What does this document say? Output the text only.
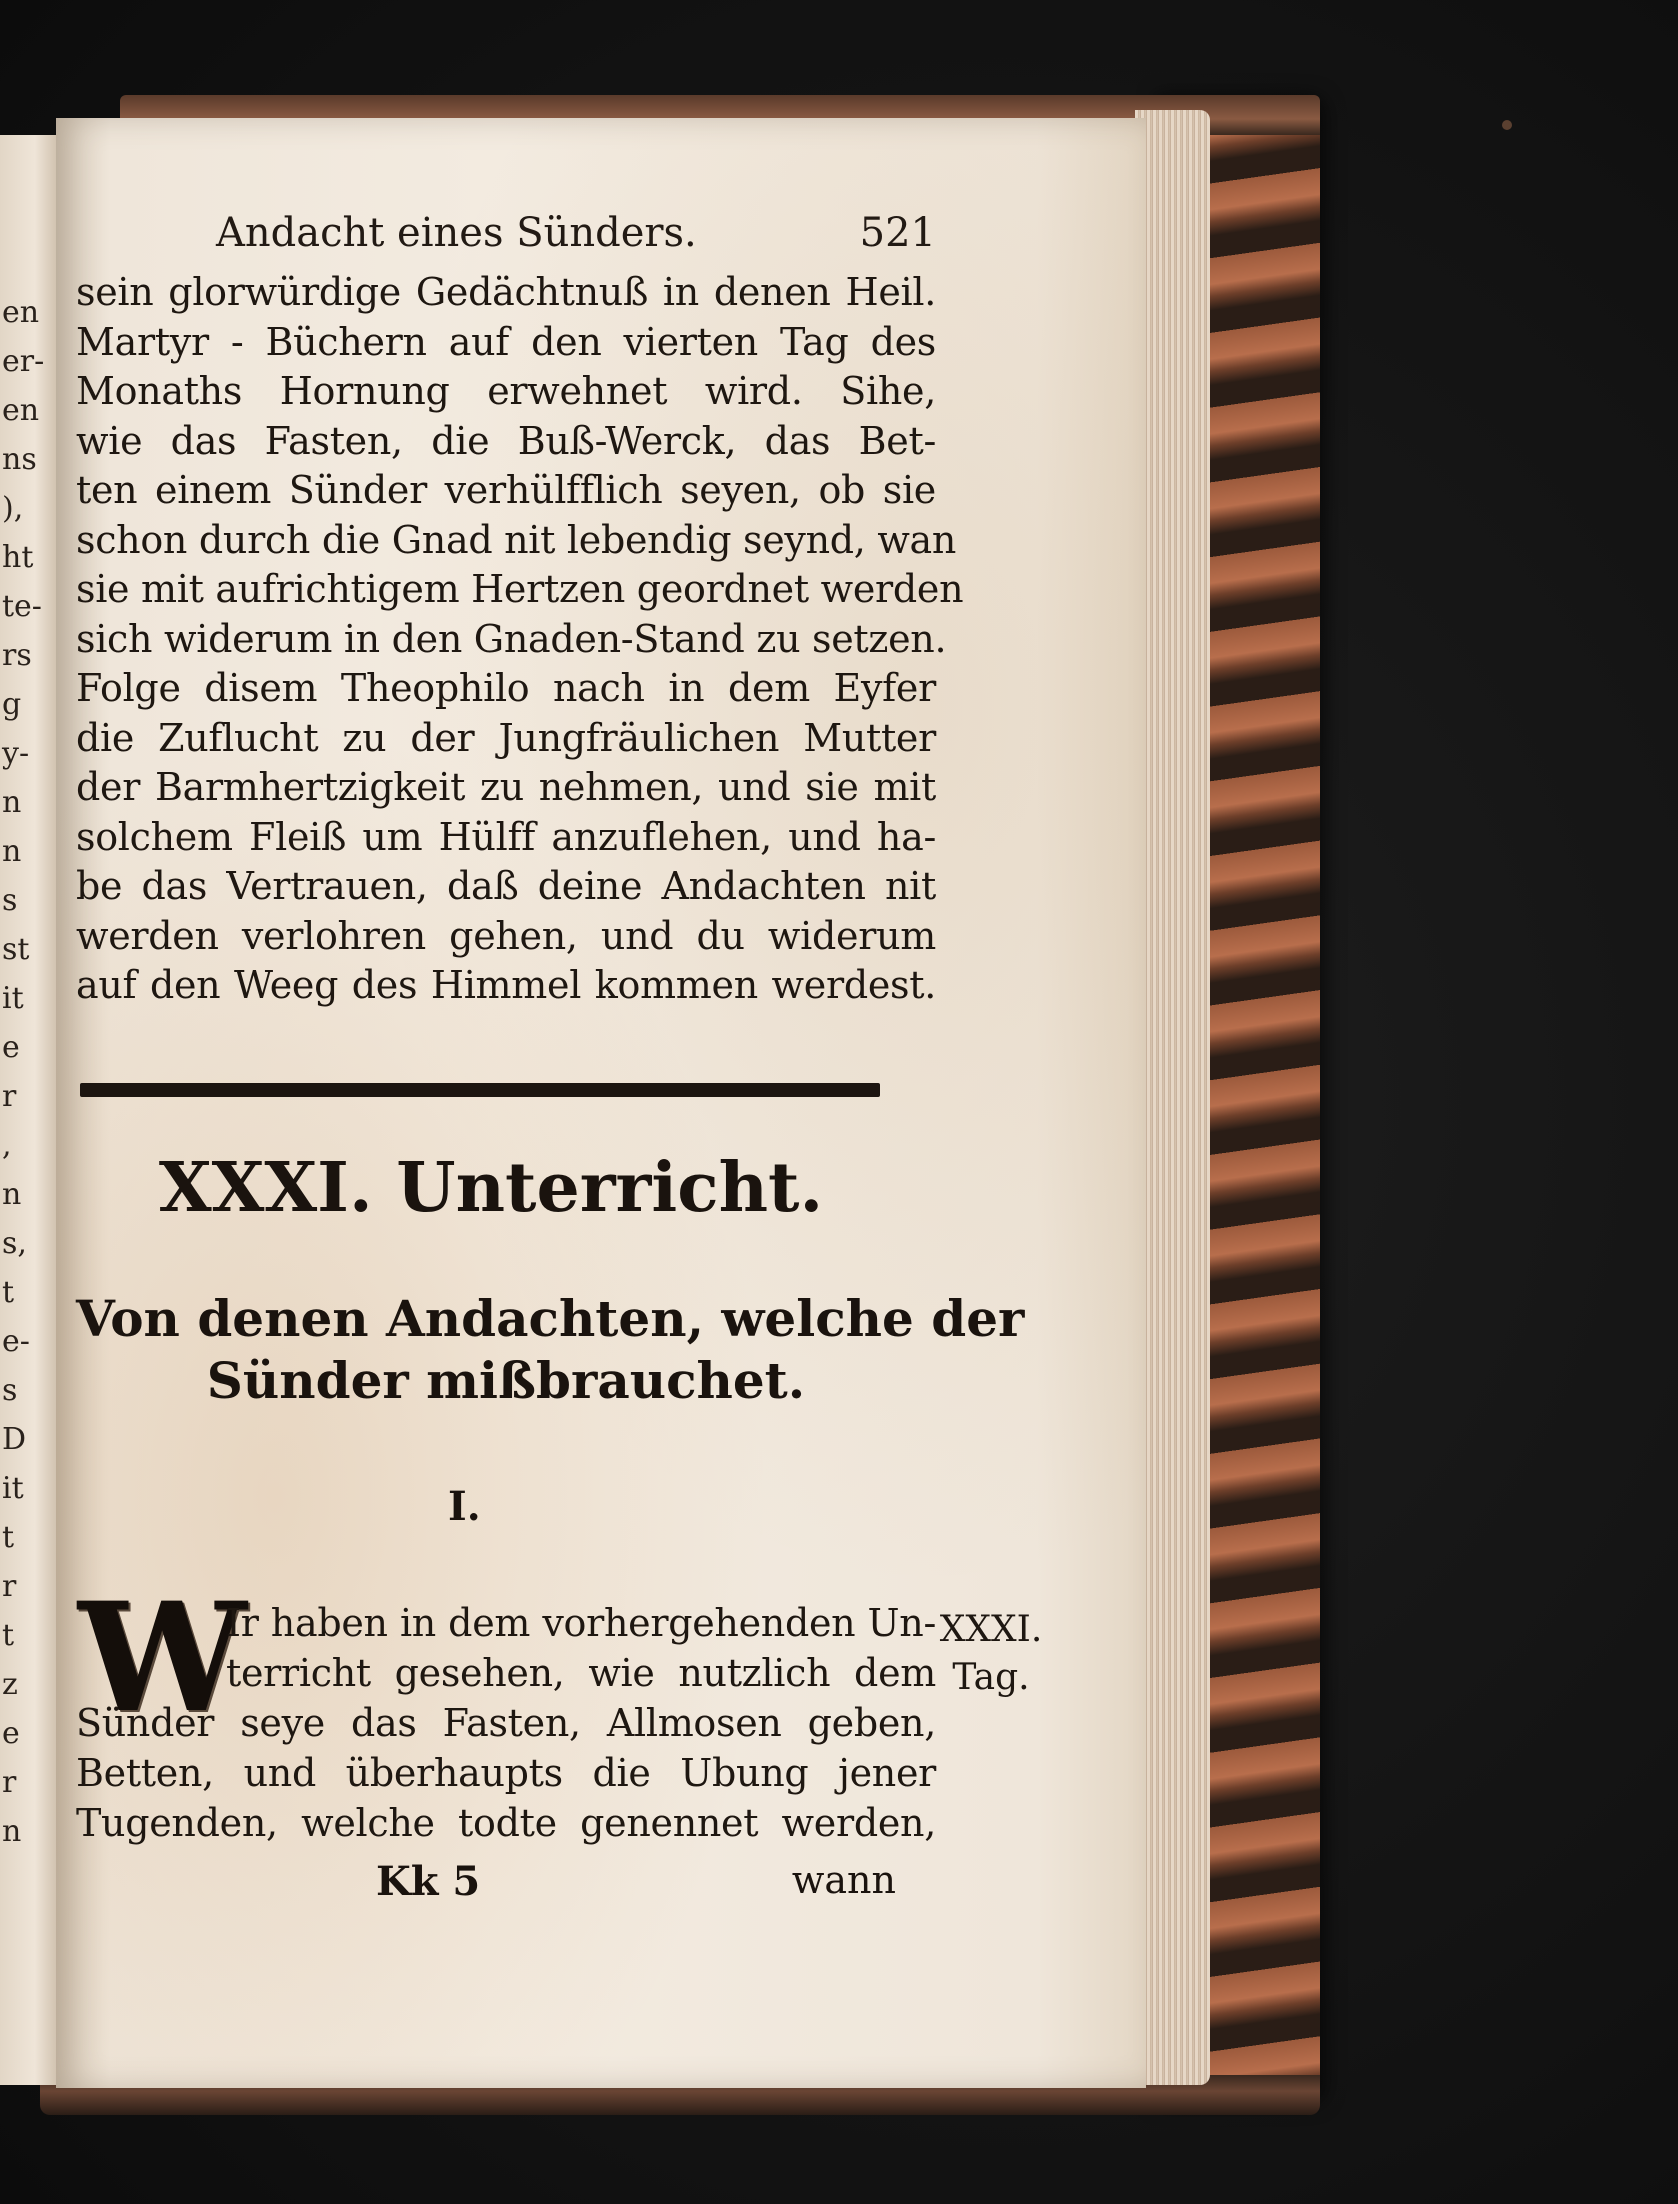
en
er-
en
ns
),
ht
te-
rs
g
y-
n
n
s
st
it
e
r
,
n
s,
t
e-
s
D
it
t
r
t
z
e
r
n
Andacht eines Sünders.	521
sein glorwürdige Gedächtnuß in denen Heil.
Martyr - Büchern auf den vierten Tag des
Monaths Hornung erwehnet wird. Sihe,
wie das Fasten, die Buß-Werck, das Bet-
ten einem Sünder verhülfflich seyen, ob sie
schon durch die Gnad nit lebendig seynd, wan
sie mit aufrichtigem Hertzen geordnet werden
sich widerum in den Gnaden-Stand zu setzen.
Folge disem Theophilo nach in dem Eyfer
die Zuflucht zu der Jungfräulichen Mutter
der Barmhertzigkeit zu nehmen, und sie mit
solchem Fleiß um Hülff anzuflehen, und ha-
be das Vertrauen, daß deine Andachten nit
werden verlohren gehen, und du widerum
auf den Weeg des Himmel kommen werdest.
XXXI. Unterricht.
Von denen Andachten, welche der
Sünder mißbrauchet.
I.
W
Ir haben in dem vorhergehenden Un-
terricht gesehen, wie nutzlich dem
Sünder seye das Fasten, Allmosen geben,
Betten, und überhaupts die Ubung jener
Tugenden, welche todte genennet werden,
XXXI.
Tag.
Kk 5	wann
